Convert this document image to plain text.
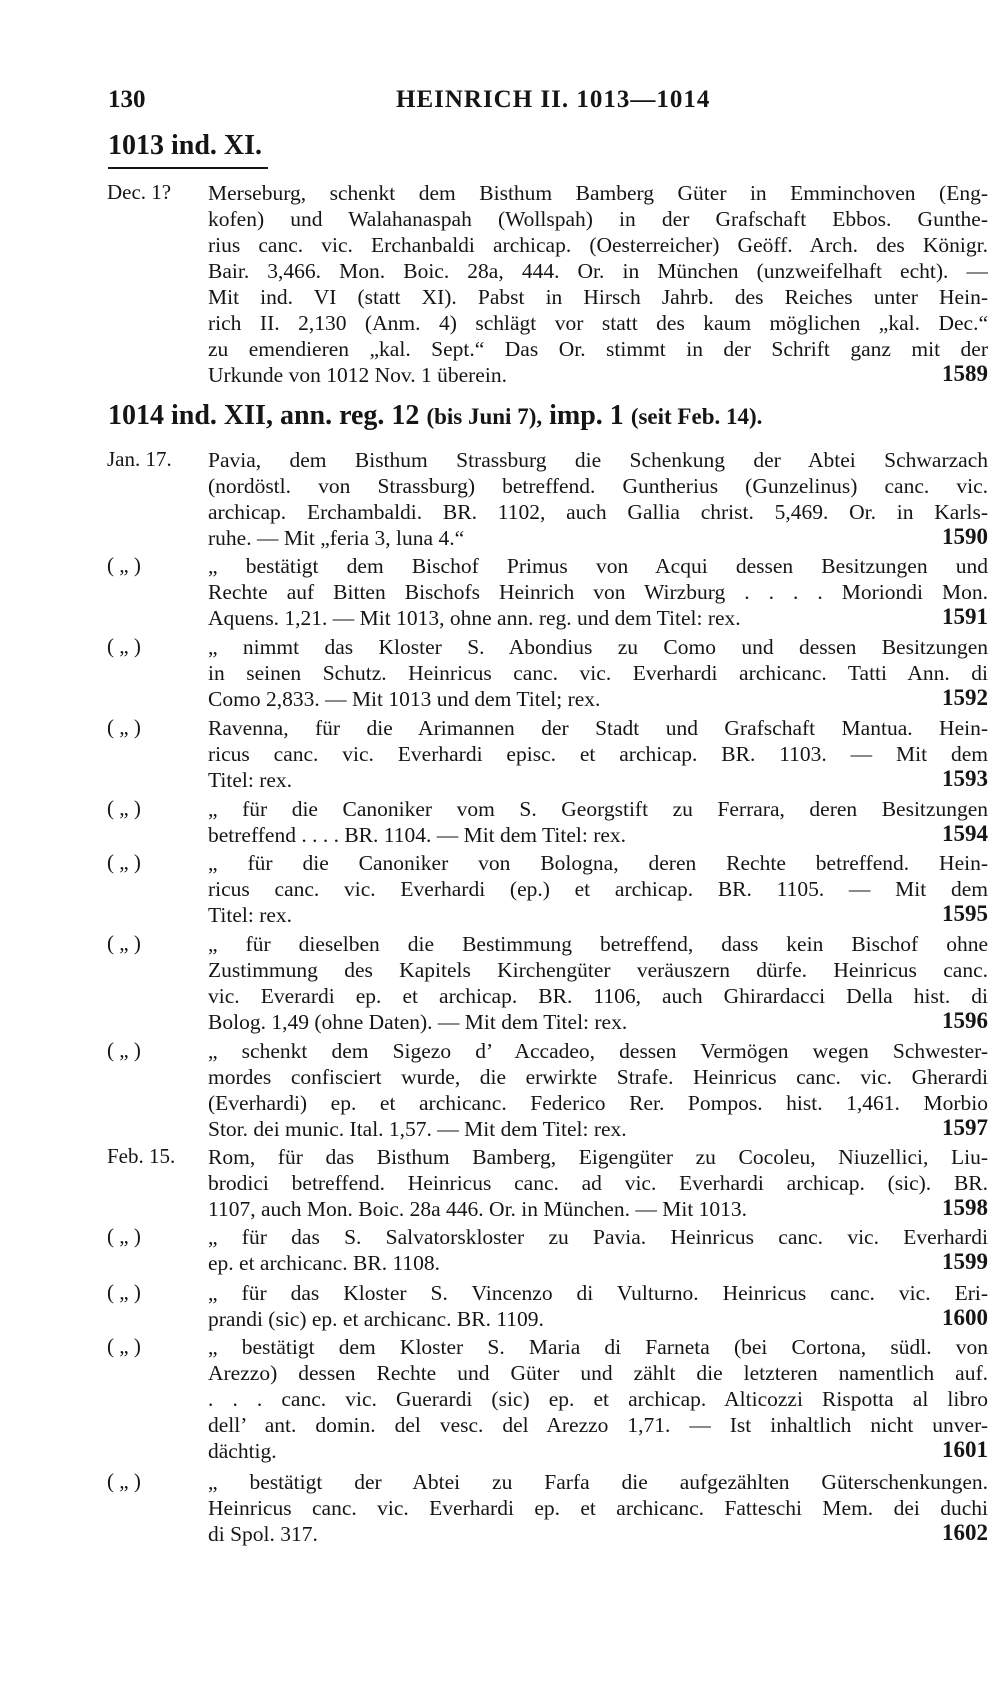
130	HEINRICH II. 1013—1014
1013 ind. XI.
1014 ind. XII, ann. reg. 12 (bis Juni 7), imp. 1 (seit Feb. 14).
Dec. 1? Merseburg, schenkt dem Bisthum Bamberg Güter in Emminchoven (Eng-
kofen) und Walahanaspah (Wollspah) in der Grafschaft Ebbos. Gunthe-
rius canc. vic. Erchanbaldi archicap. (Oesterreicher) Geöff. Arch. des Königr.
Bair. 3,466. Mon. Boic. 28a, 444. Or. in München (unzweifelhaft echt). —
Mit ind. VI (statt XI). Pabst in Hirsch Jahrb. des Reiches unter Hein-
rich II. 2,130 (Anm. 4) schlägt vor statt des kaum möglichen „kal. Dec.“
zu emendieren „kal. Sept.“ Das Or. stimmt in der Schrift ganz mit der
Urkunde von 1012 Nov. 1 überein.	1589
Jan. 17. Pavia, dem Bisthum Strassburg die Schenkung der Abtei Schwarzach
(nordöstl. von Strassburg) betreffend. Guntherius (Gunzelinus) canc. vic.
archicap. Erchambaldi. BR. 1102, auch Gallia christ. 5,469. Or. in Karls-
ruhe. — Mit „feria 3, luna 4.“	1590
( „ )	„ bestätigt dem Bischof Primus von Acqui dessen Besitzungen und
Rechte auf Bitten Bischofs Heinrich von Wirzburg . . . . Moriondi Mon.
Aquens. 1,21. — Mit 1013, ohne ann. reg. und dem Titel: rex.	1591
( „ )	„ nimmt das Kloster S. Abondius zu Como und dessen Besitzungen
in seinen Schutz. Heinricus canc. vic. Everhardi archicanc. Tatti Ann. di
Como 2,833. — Mit 1013 und dem Titel; rex.	1592
( „ )	Ravenna, für die Arimannen der Stadt und Grafschaft Mantua. Hein-
ricus canc. vic. Everhardi episc. et archicap. BR. 1103. — Mit dem
Titel: rex.	1593
( „ )	„ für die Canoniker vom S. Georgstift zu Ferrara, deren Besitzungen
betreffend . . . . BR. 1104. — Mit dem Titel: rex.	1594
( „ )	„ für die Canoniker von Bologna, deren Rechte betreffend. Hein-
ricus canc. vic. Everhardi (ep.) et archicap. BR. 1105. — Mit dem
Titel: rex.	1595
( „ )	„ für dieselben die Bestimmung betreffend, dass kein Bischof ohne
Zustimmung des Kapitels Kirchengüter veräuszern dürfe. Heinricus canc.
vic. Everardi ep. et archicap. BR. 1106, auch Ghirardacci Della hist. di
Bolog. 1,49 (ohne Daten). — Mit dem Titel: rex.	1596
( „ )	„ schenkt dem Sigezo d’ Accadeo, dessen Vermögen wegen Schwester-
mordes confisciert wurde, die erwirkte Strafe. Heinricus canc. vic. Gherardi
(Everhardi) ep. et archicanc. Federico Rer. Pompos. hist. 1,461. Morbio
Stor. dei munic. Ital. 1,57. — Mit dem Titel: rex.	1597
Feb. 15. Rom, für das Bisthum Bamberg, Eigengüter zu Cocoleu, Niuzellici, Liu-
brodici betreffend. Heinricus canc. ad vic. Everhardi archicap. (sic). BR.
1107, auch Mon. Boic. 28a 446. Or. in München. — Mit 1013.	1598
( „ )	„ für das S. Salvatorskloster zu Pavia. Heinricus canc. vic. Everhardi
ep. et archicanc. BR. 1108.	1599
( „ )	„ für das Kloster S. Vincenzo di Vulturno. Heinricus canc. vic. Eri-
prandi (sic) ep. et archicanc. BR. 1109.	1600
( „ )	„ bestätigt dem Kloster S. Maria di Farneta (bei Cortona, südl. von
Arezzo) dessen Rechte und Güter und zählt die letzteren namentlich auf.
. . . canc. vic. Guerardi (sic) ep. et archicap. Alticozzi Rispotta al libro
dell’ ant. domin. del vesc. del Arezzo 1,71. — Ist inhaltlich nicht unver-
dächtig.	1601
( „ )	„ bestätigt der Abtei zu Farfa die aufgezählten Güterschenkungen.
Heinricus canc. vic. Everhardi ep. et archicanc. Fatteschi Mem. dei duchi
di Spol. 317.	1602
